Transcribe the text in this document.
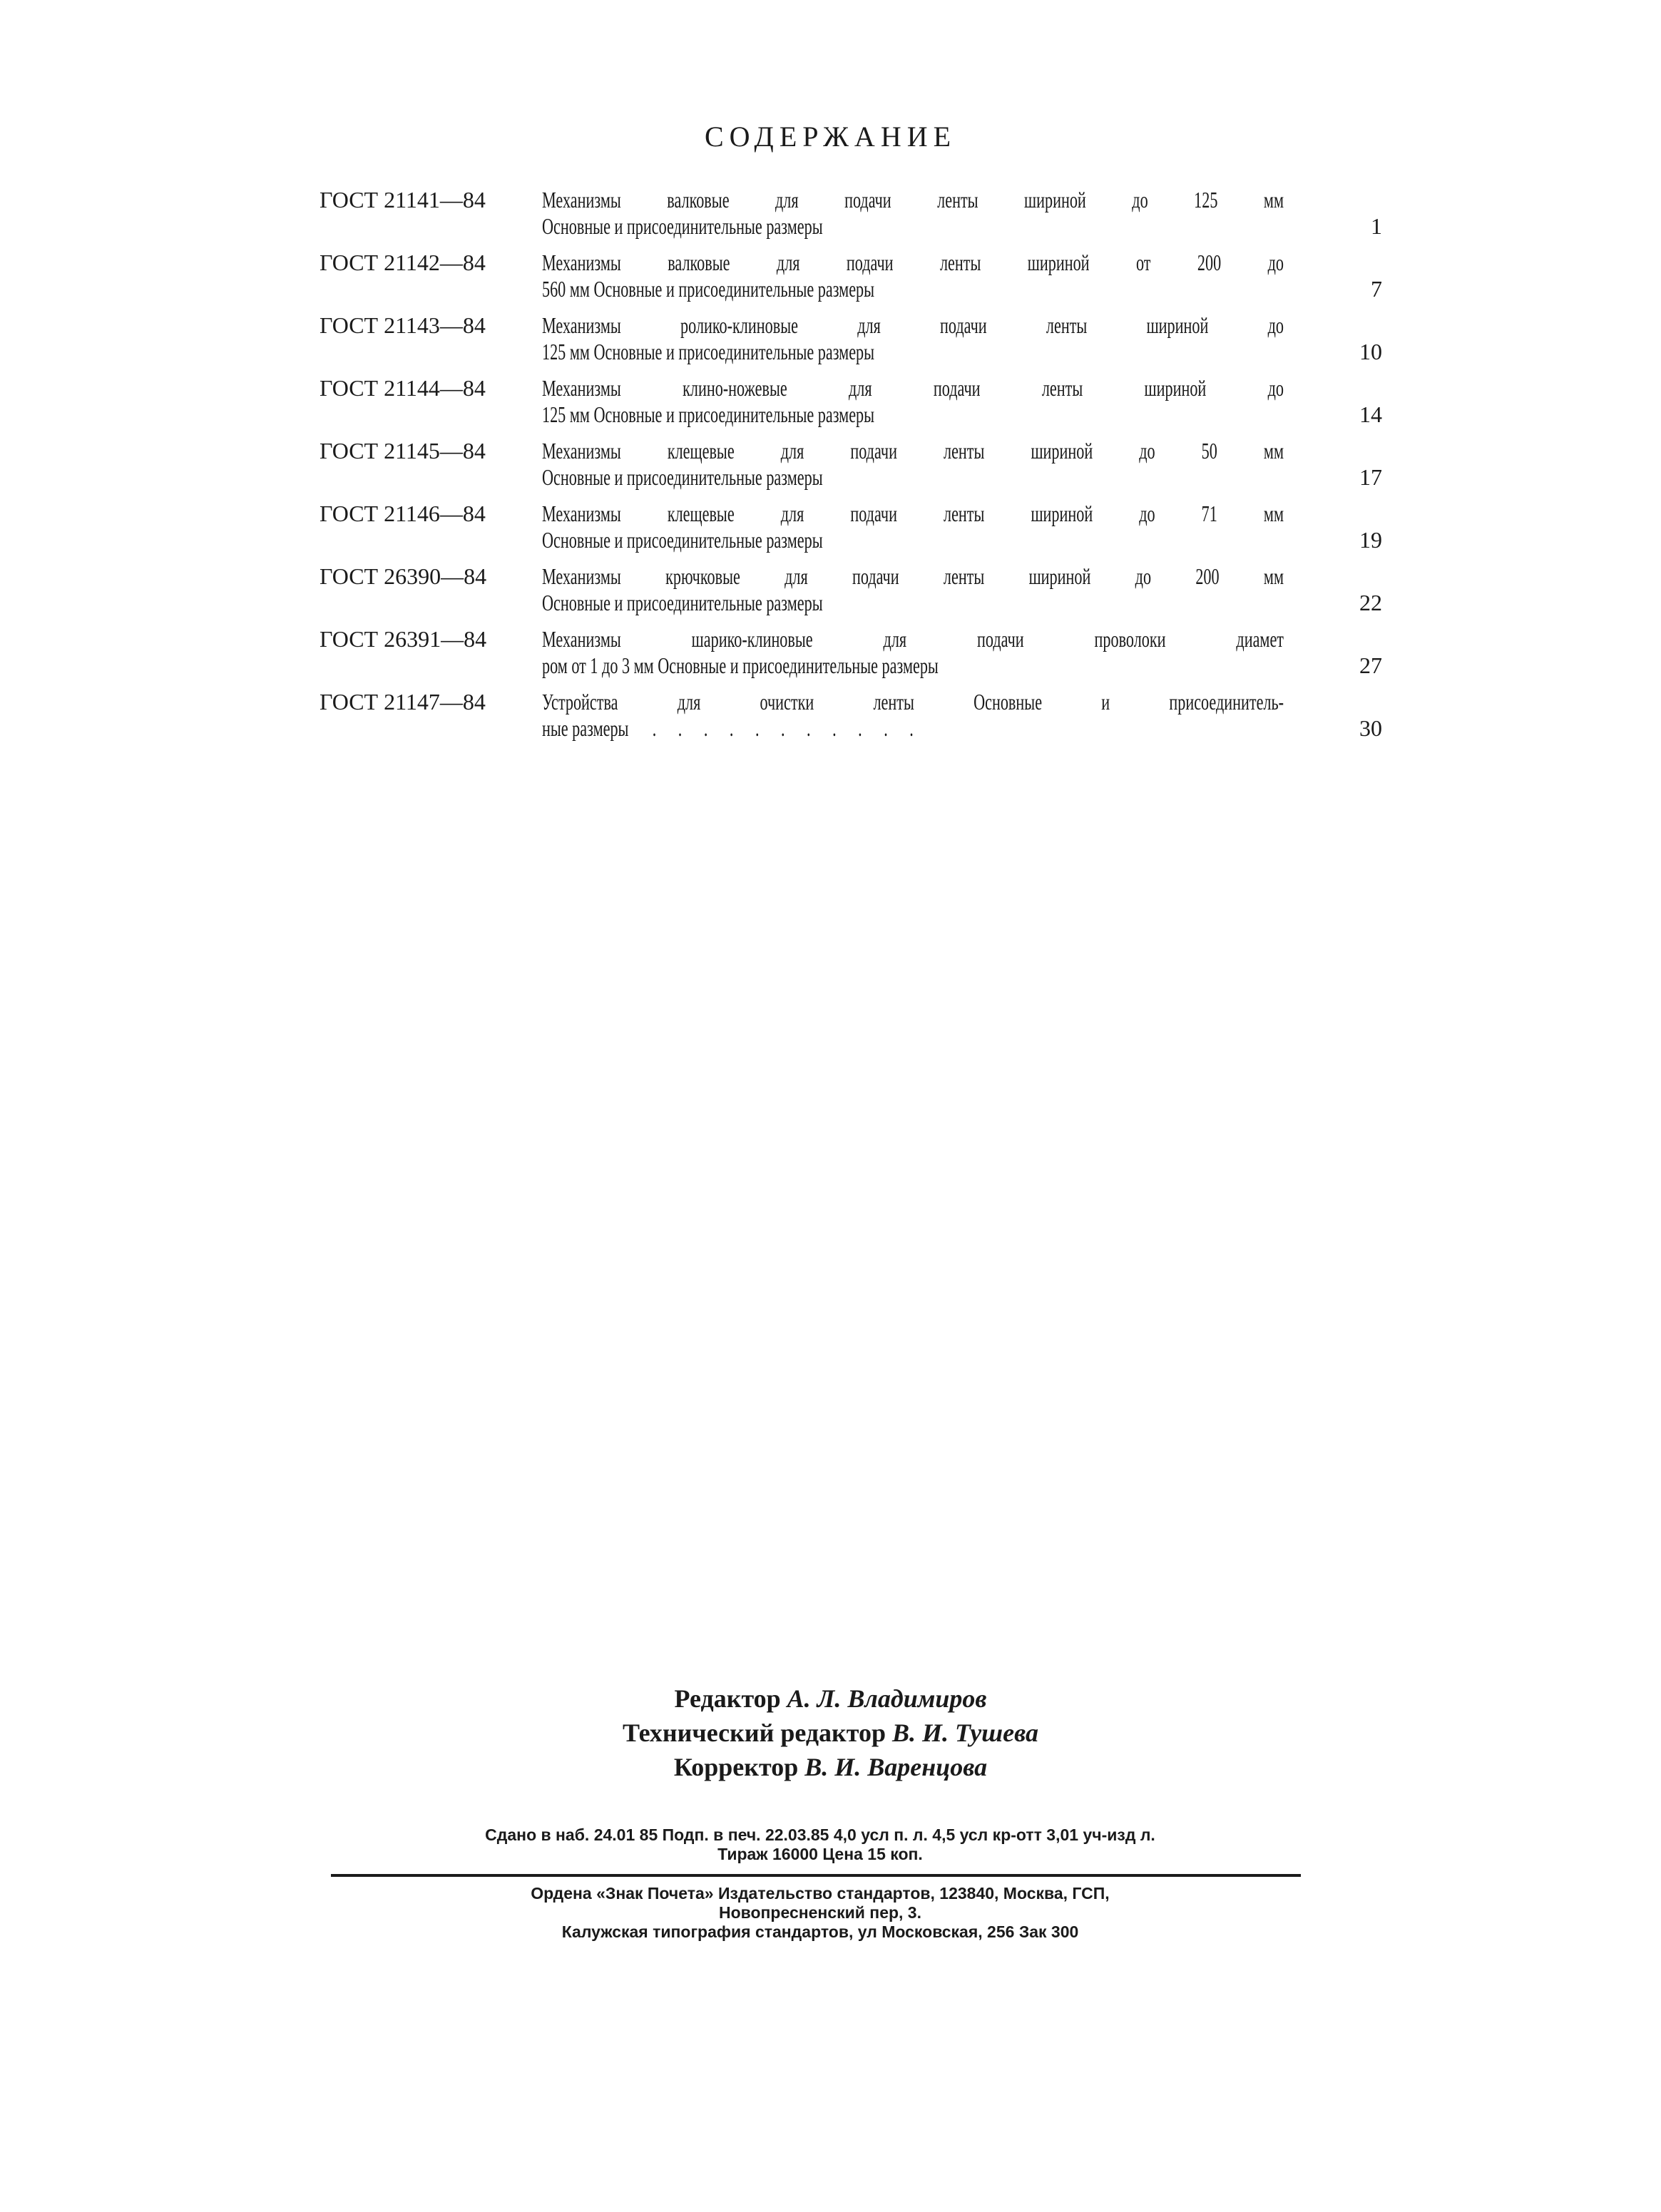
СОДЕРЖАНИЕ
ГОСТ 21141—84 Механизмы валковые для подачи ленты шириной до 125 мм
Основные и присоединительные размеры	1
ГОСТ 21142—84 Механизмы валковые для подачи ленты шириной от 200 до
560 мм Основные и присоединительные размеры	7
ГОСТ 21143—84 Механизмы ролико-клиновые для подачи ленты шириной до
125 мм Основные и присоединительные размеры	10
ГОСТ 21144—84 Механизмы клино-ножевые для подачи ленты шириной до
125 мм Основные и присоединительные размеры	14
ГОСТ 21145—84 Механизмы клещевые для подачи ленты шириной до 50 мм
Основные и присоединительные размеры	17
ГОСТ 21146—84 Механизмы клещевые для подачи ленты шириной до 71 мм
Основные и присоединительные размеры	19
ГОСТ 26390—84 Механизмы крючковые для подачи ленты шириной до 200 мм
Основные и присоединительные размеры	22
ГОСТ 26391—84 Механизмы шарико-клиновые для подачи проволоки диамет
ром от 1 до 3 мм Основные и присоединительные размеры	27
ГОСТ 21147—84 Устройства для очистки ленты Основные и присоединитель-
ные размеры . . . . . . . . . . .	30
Редактор А. Л. Владимиров
Технический редактор В. И. Тушева
Корректор В. И. Варенцова
Сдано в наб. 24.01 85 Подп. в печ. 22.03.85 4,0 усл п. л. 4,5 усл кр-отт 3,01 уч-изд л.
Тираж 16000 Цена 15 коп.
Ордена «Знак Почета» Издательство стандартов, 123840, Москва, ГСП,
Новопресненский пер, 3.
Калужская типография стандартов, ул Московская, 256 Зак 300
